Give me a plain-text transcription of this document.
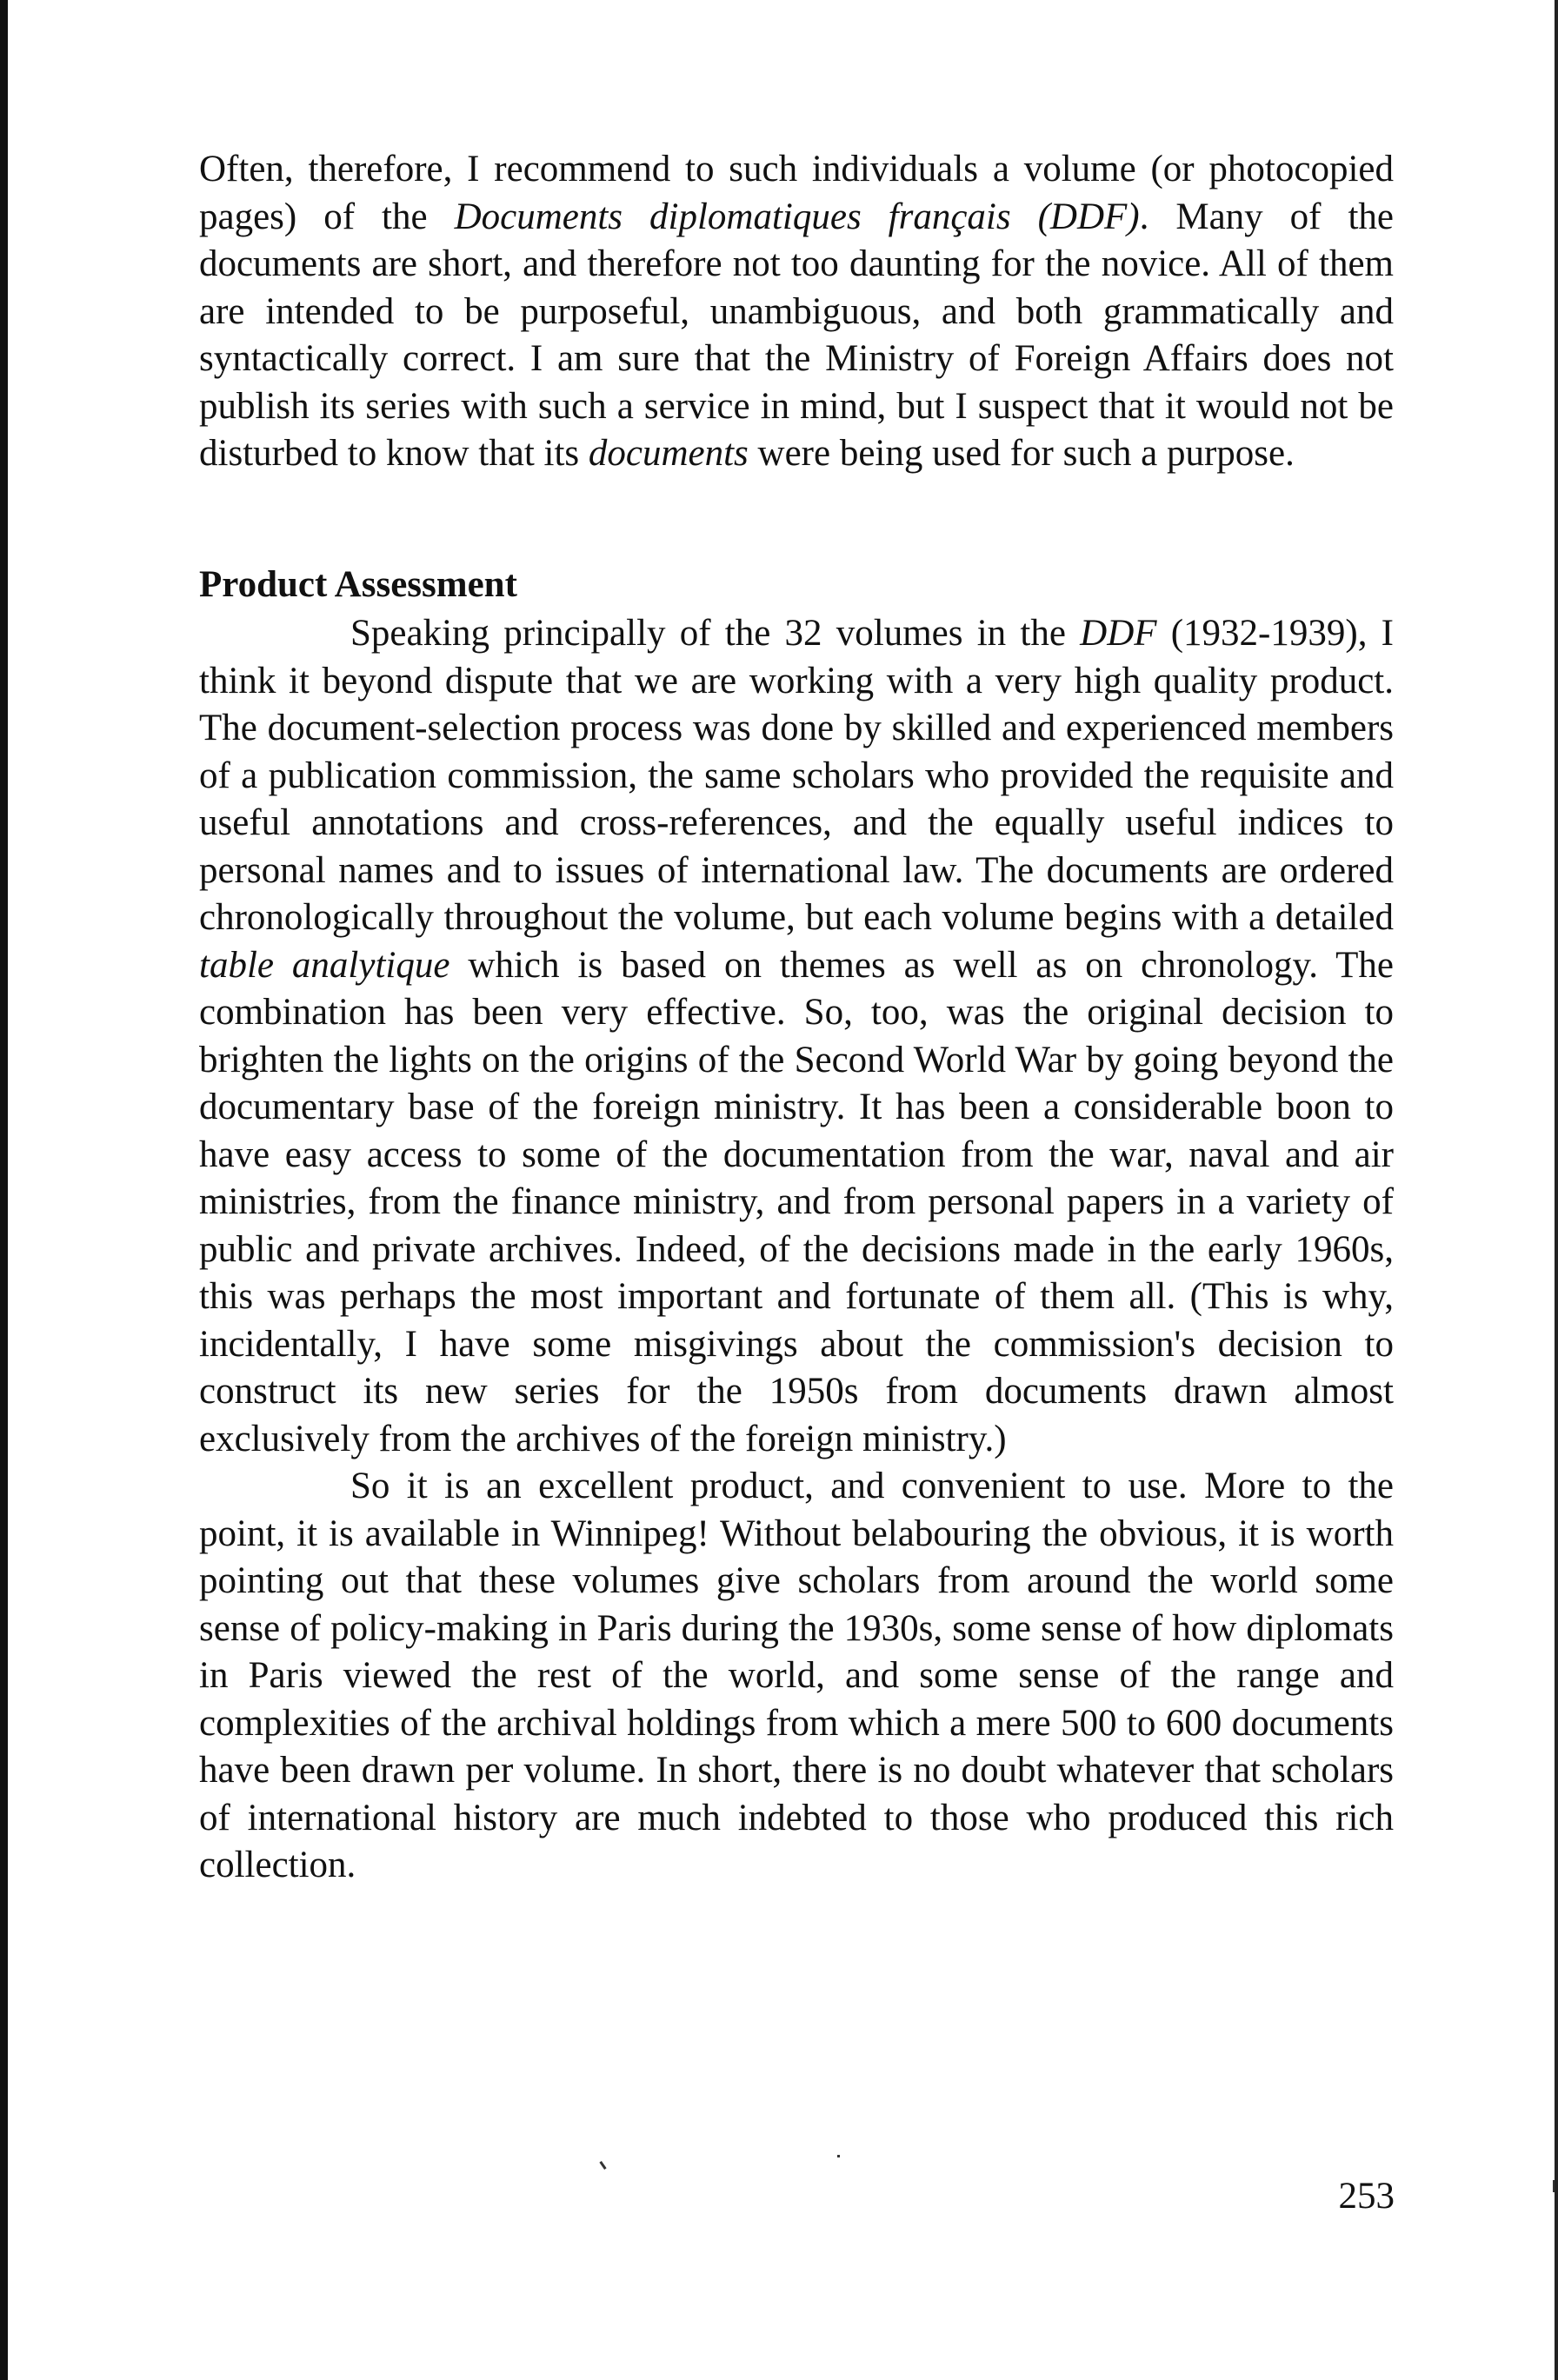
Often, therefore, I recommend to such individuals a volume (or photocopied pages) of the Documents diplomatiques français (DDF). Many of the documents are short, and therefore not too daunting for the novice. All of them are intended to be purposeful, unambiguous, and both grammatically and syntactically correct. I am sure that the Ministry of Foreign Affairs does not publish its series with such a service in mind, but I suspect that it would not be disturbed to know that its documents were being used for such a purpose.

Product Assessment

Speaking principally of the 32 volumes in the DDF (1932-1939), I think it beyond dispute that we are working with a very high quality product. The document-selection process was done by skilled and experienced members of a publication commission, the same scholars who provided the requisite and useful annotations and cross-references, and the equally useful indices to personal names and to issues of international law. The documents are ordered chronologically throughout the volume, but each volume begins with a detailed table analytique which is based on themes as well as on chronology. The combination has been very effective. So, too, was the original decision to brighten the lights on the origins of the Second World War by going beyond the documentary base of the foreign ministry. It has been a considerable boon to have easy access to some of the documentation from the war, naval and air ministries, from the finance ministry, and from personal papers in a variety of public and private archives. Indeed, of the decisions made in the early 1960s, this was perhaps the most important and fortunate of them all. (This is why, incidentally, I have some misgivings about the commission's decision to construct its new series for the 1950s from documents drawn almost exclusively from the archives of the foreign ministry.)

So it is an excellent product, and convenient to use. More to the point, it is available in Winnipeg! Without belabouring the obvious, it is worth pointing out that these volumes give scholars from around the world some sense of policy-making in Paris during the 1930s, some sense of how diplomats in Paris viewed the rest of the world, and some sense of the range and complexities of the archival holdings from which a mere 500 to 600 documents have been drawn per volume. In short, there is no doubt whatever that scholars of international history are much indebted to those who produced this rich collection.

253
